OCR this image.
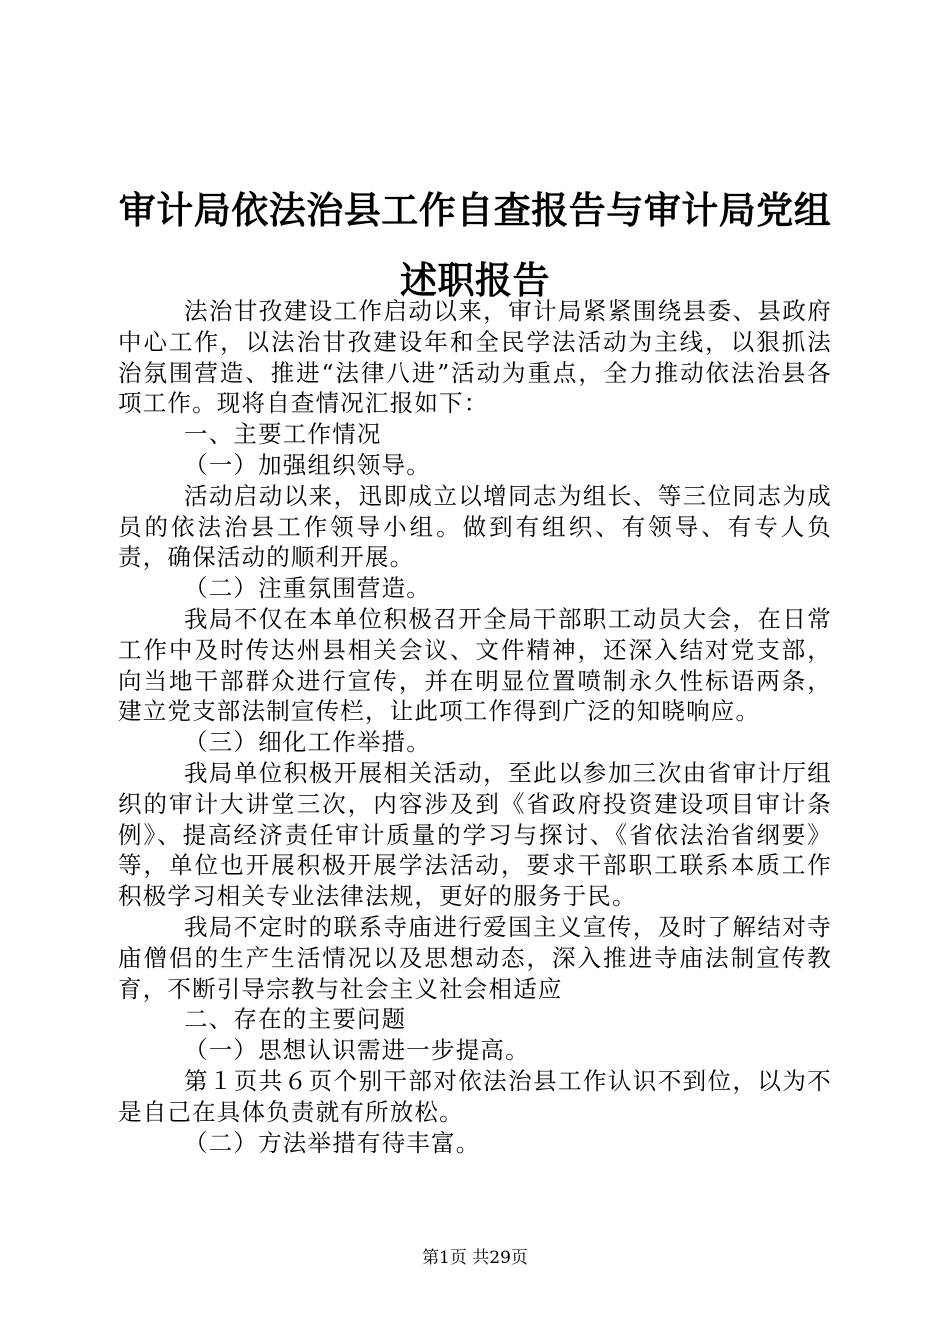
审计局依法治县工作自查报告与审计局党组述职报告

法治甘孜建设工作启动以来，审计局紧紧围绕县委、县政府中心工作，以法治甘孜建设年和全民学法活动为主线，以狠抓法治氛围营造、推进“法律八进”活动为重点，全力推动依法治县各项工作。现将自查情况汇报如下：

一、主要工作情况

（一）加强组织领导。

活动启动以来，迅即成立以增同志为组长、等三位同志为成员的依法治县工作领导小组。做到有组织、有领导、有专人负责，确保活动的顺利开展。

（二）注重氛围营造。

我局不仅在本单位积极召开全局干部职工动员大会，在日常工作中及时传达州县相关会议、文件精神，还深入结对党支部，向当地干部群众进行宣传，并在明显位置喷制永久性标语两条，建立党支部法制宣传栏，让此项工作得到广泛的知晓响应。

（三）细化工作举措。

我局单位积极开展相关活动，至此以参加三次由省审计厅组织的审计大讲堂三次，内容涉及到《省政府投资建设项目审计条例》、提高经济责任审计质量的学习与探讨、《省依法治省纲要》等，单位也开展积极开展学法活动，要求干部职工联系本质工作积极学习相关专业法律法规，更好的服务于民。

我局不定时的联系寺庙进行爱国主义宣传，及时了解结对寺庙僧侣的生产生活情况以及思想动态，深入推进寺庙法制宣传教育，不断引导宗教与社会主义社会相适应

二、存在的主要问题

（一）思想认识需进一步提高。

第１页共６页个别干部对依法治县工作认识不到位，以为不是自己在具体负责就有所放松。

（二）方法举措有待丰富。

第1页 共29页
